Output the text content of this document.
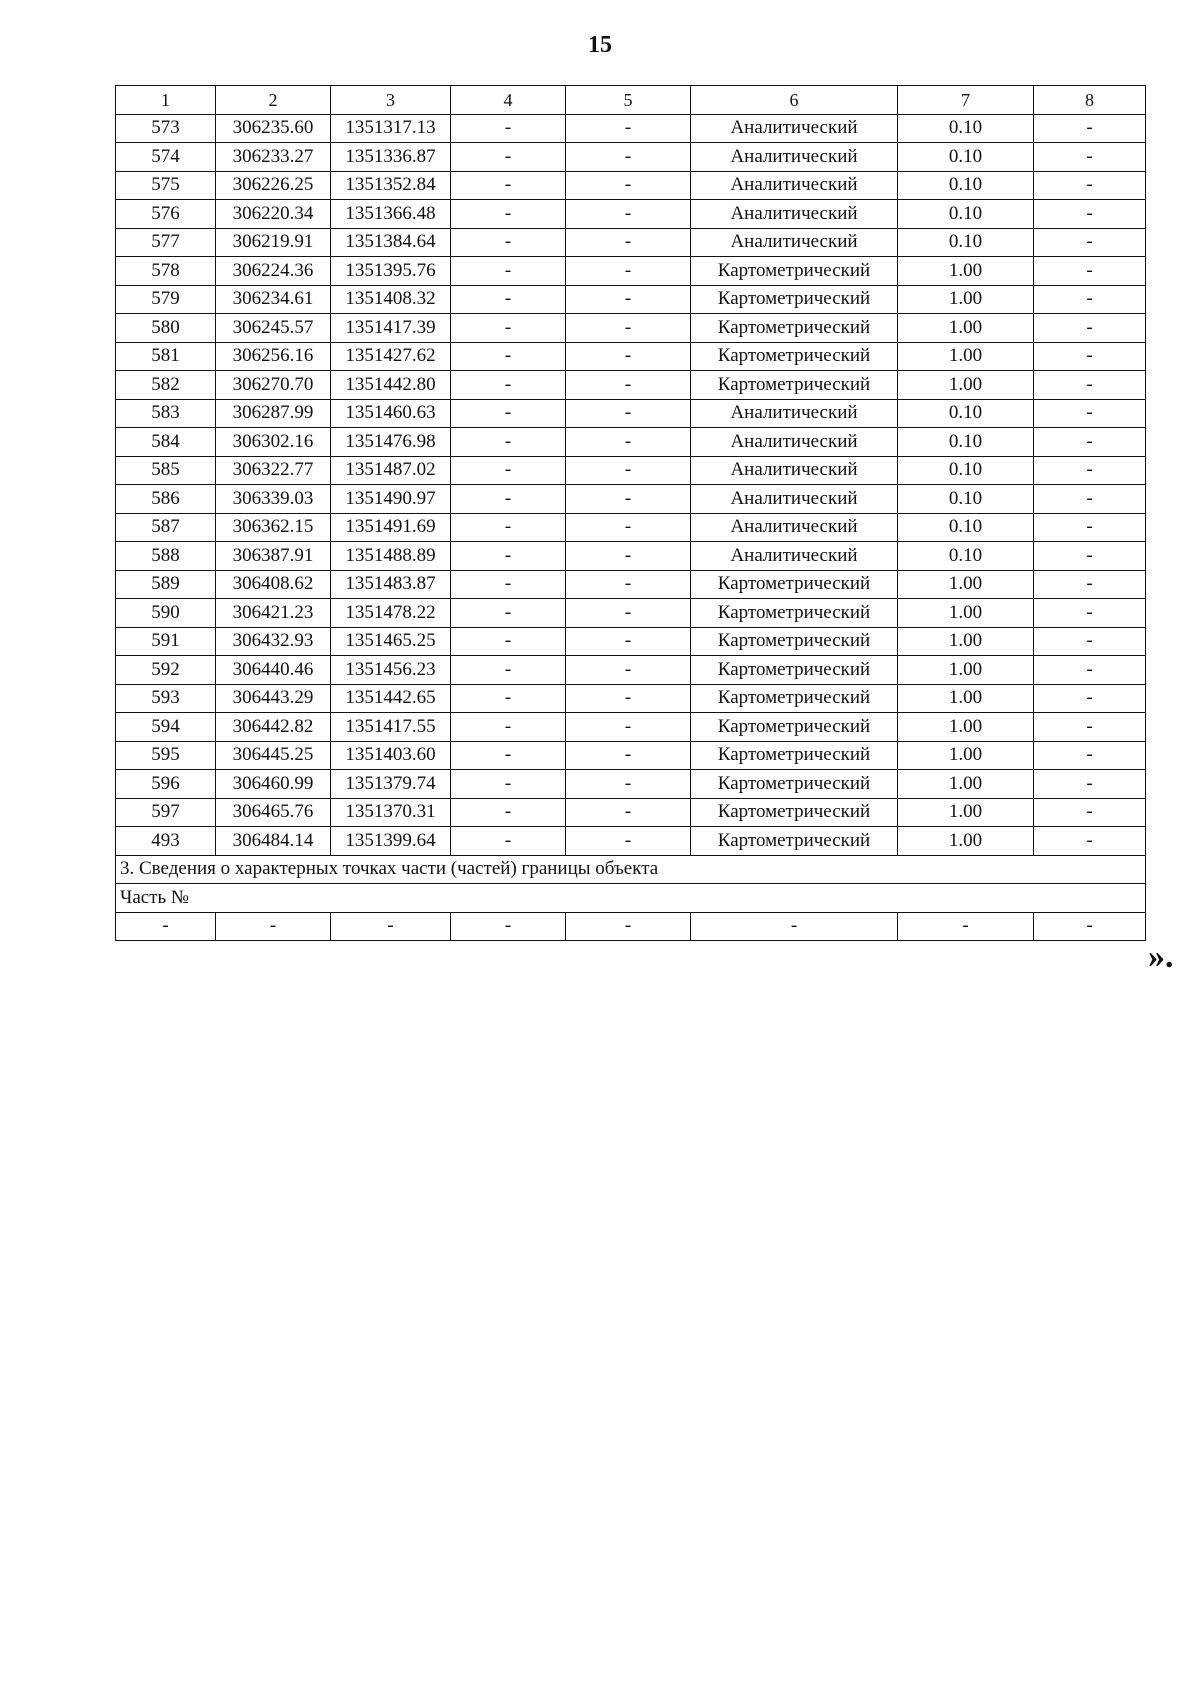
15
1	2	3	4	5	6	7	8
573	306235.60	1351317.13	-	-	Аналитический	0.10	-
574	306233.27	1351336.87	-	-	Аналитический	0.10	-
575	306226.25	1351352.84	-	-	Аналитический	0.10	-
576	306220.34	1351366.48	-	-	Аналитический	0.10	-
577	306219.91	1351384.64	-	-	Аналитический	0.10	-
578	306224.36	1351395.76	-	-	Картометрический	1.00	-
579	306234.61	1351408.32	-	-	Картометрический	1.00	-
580	306245.57	1351417.39	-	-	Картометрический	1.00	-
581	306256.16	1351427.62	-	-	Картометрический	1.00	-
582	306270.70	1351442.80	-	-	Картометрический	1.00	-
583	306287.99	1351460.63	-	-	Аналитический	0.10	-
584	306302.16	1351476.98	-	-	Аналитический	0.10	-
585	306322.77	1351487.02	-	-	Аналитический	0.10	-
586	306339.03	1351490.97	-	-	Аналитический	0.10	-
587	306362.15	1351491.69	-	-	Аналитический	0.10	-
588	306387.91	1351488.89	-	-	Аналитический	0.10	-
589	306408.62	1351483.87	-	-	Картометрический	1.00	-
590	306421.23	1351478.22	-	-	Картометрический	1.00	-
591	306432.93	1351465.25	-	-	Картометрический	1.00	-
592	306440.46	1351456.23	-	-	Картометрический	1.00	-
593	306443.29	1351442.65	-	-	Картометрический	1.00	-
594	306442.82	1351417.55	-	-	Картометрический	1.00	-
595	306445.25	1351403.60	-	-	Картометрический	1.00	-
596	306460.99	1351379.74	-	-	Картометрический	1.00	-
597	306465.76	1351370.31	-	-	Картометрический	1.00	-
493	306484.14	1351399.64	-	-	Картометрический	1.00	-
3. Сведения о характерных точках части (частей) границы объекта							
Часть №							
-	-	-	-	-	-	-	-
».
